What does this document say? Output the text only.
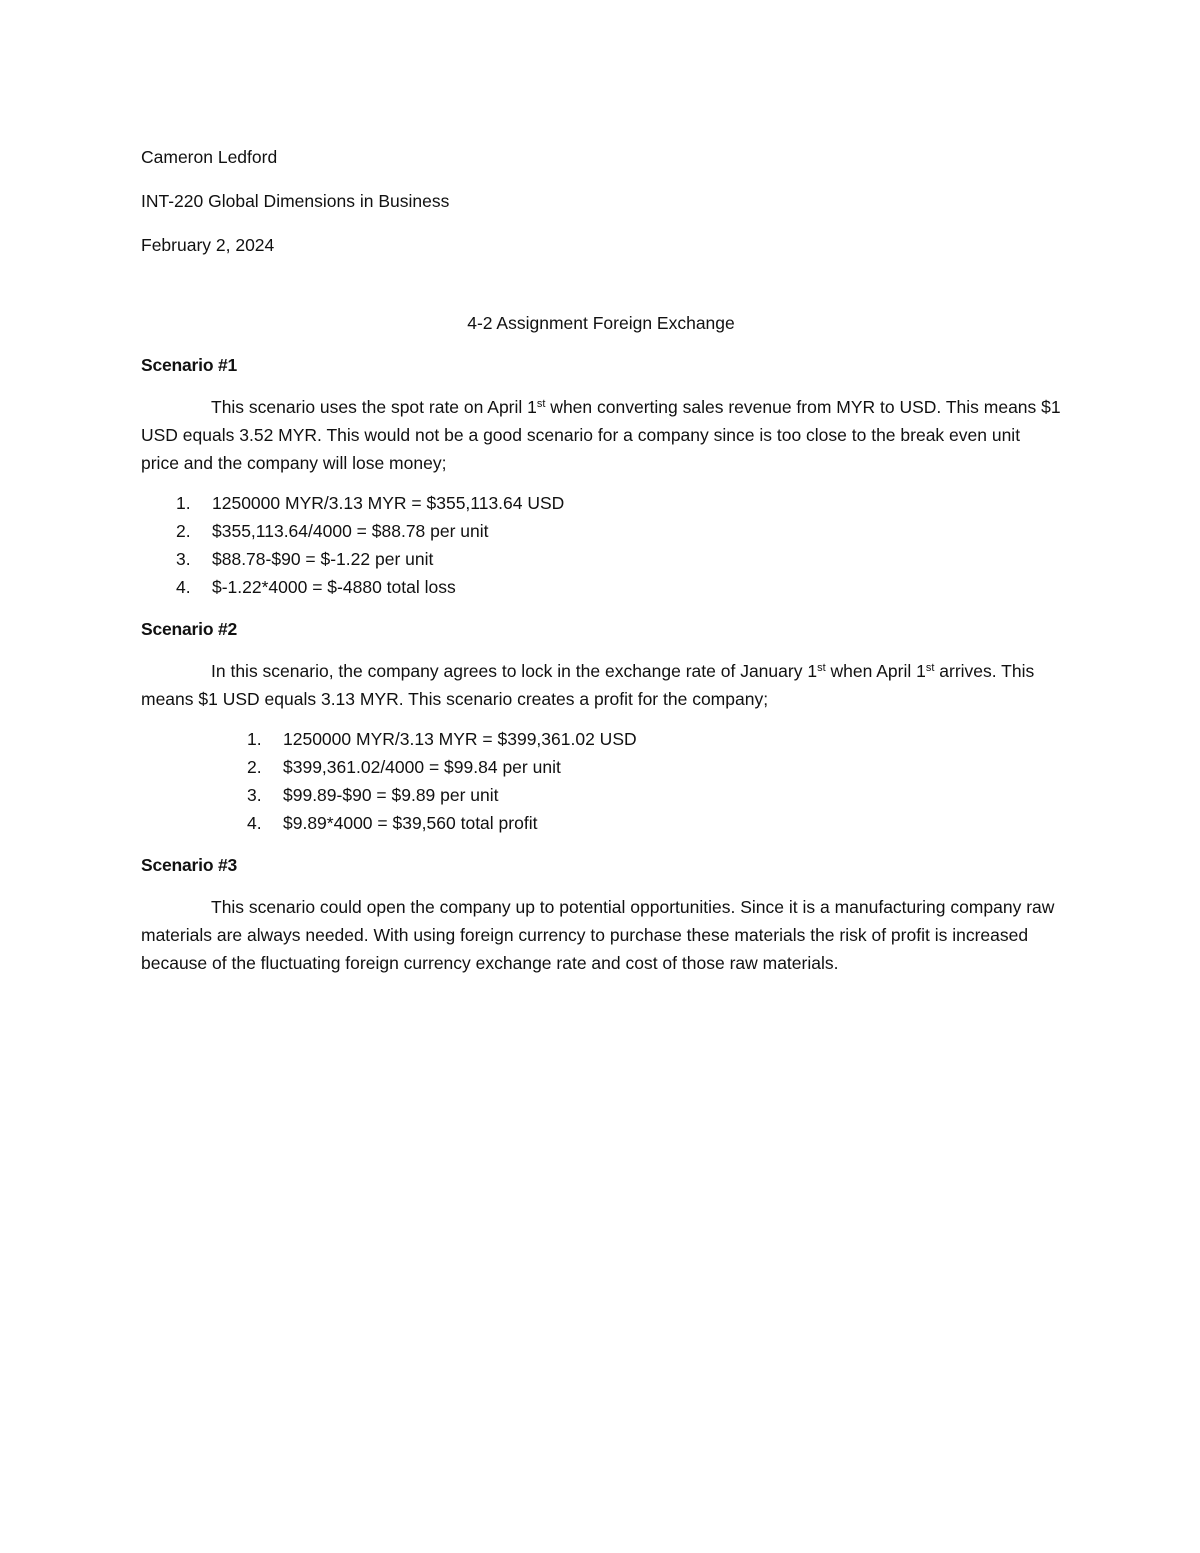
Cameron Ledford
INT-220 Global Dimensions in Business
February 2, 2024
4-2 Assignment Foreign Exchange
Scenario #1

This scenario uses the spot rate on April 1st when converting sales revenue from MYR to USD. This means $1 USD equals 3.52 MYR. This would not be a good scenario for a company since is too close to the break even unit price and the company will lose money;

1. 1250000 MYR/3.13 MYR = $355,113.64 USD
2. $355,113.64/4000 = $88.78 per unit
3. $88.78-$90 = $-1.22 per unit
4. $-1.22*4000 = $-4880 total loss
Scenario #2

In this scenario, the company agrees to lock in the exchange rate of January 1st when April 1st arrives. This means $1 USD equals 3.13 MYR. This scenario creates a profit for the company;

1. 1250000 MYR/3.13 MYR = $399,361.02 USD
2. $399,361.02/4000 = $99.84 per unit
3. $99.89-$90 = $9.89 per unit
4. $9.89*4000 = $39,560 total profit
Scenario #3

This scenario could open the company up to potential opportunities. Since it is a manufacturing company raw materials are always needed. With using foreign currency to purchase these materials the risk of profit is increased because of the fluctuating foreign currency exchange rate and cost of those raw materials.
